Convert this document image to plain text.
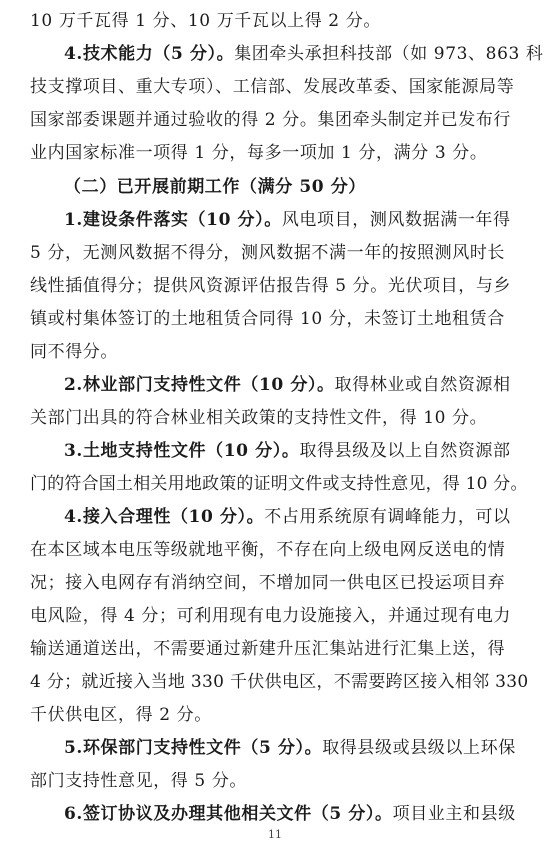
10 万千瓦得 1 分、10 万千瓦以上得 2 分。
4.技术能力（5 分）。集团牵头承担科技部（如 973、863 科
技支撑项目、重大专项）、工信部、发展改革委、国家能源局等
国家部委课题并通过验收的得 2 分。集团牵头制定并已发布行
业内国家标准一项得 1 分，每多一项加 1 分，满分 3 分。
（二）已开展前期工作（满分 50 分）
1.建设条件落实（10 分）。风电项目，测风数据满一年得
5 分，无测风数据不得分，测风数据不满一年的按照测风时长
线性插值得分；提供风资源评估报告得 5 分。光伏项目，与乡
镇或村集体签订的土地租赁合同得 10 分，未签订土地租赁合
同不得分。
2.林业部门支持性文件（10 分）。取得林业或自然资源相
关部门出具的符合林业相关政策的支持性文件，得 10 分。
3.土地支持性文件（10 分）。取得县级及以上自然资源部
门的符合国土相关用地政策的证明文件或支持性意见，得 10 分。
4.接入合理性（10 分）。不占用系统原有调峰能力，可以
在本区域本电压等级就地平衡，不存在向上级电网反送电的情
况；接入电网存有消纳空间，不增加同一供电区已投运项目弃
电风险，得 4 分；可利用现有电力设施接入，并通过现有电力
输送通道送出，不需要通过新建升压汇集站进行汇集上送，得
4 分；就近接入当地 330 千伏供电区，不需要跨区接入相邻 330
千伏供电区，得 2 分。
5.环保部门支持性文件（5 分）。取得县级或县级以上环保
部门支持性意见，得 5 分。
6.签订协议及办理其他相关文件（5 分）。项目业主和县级
11
